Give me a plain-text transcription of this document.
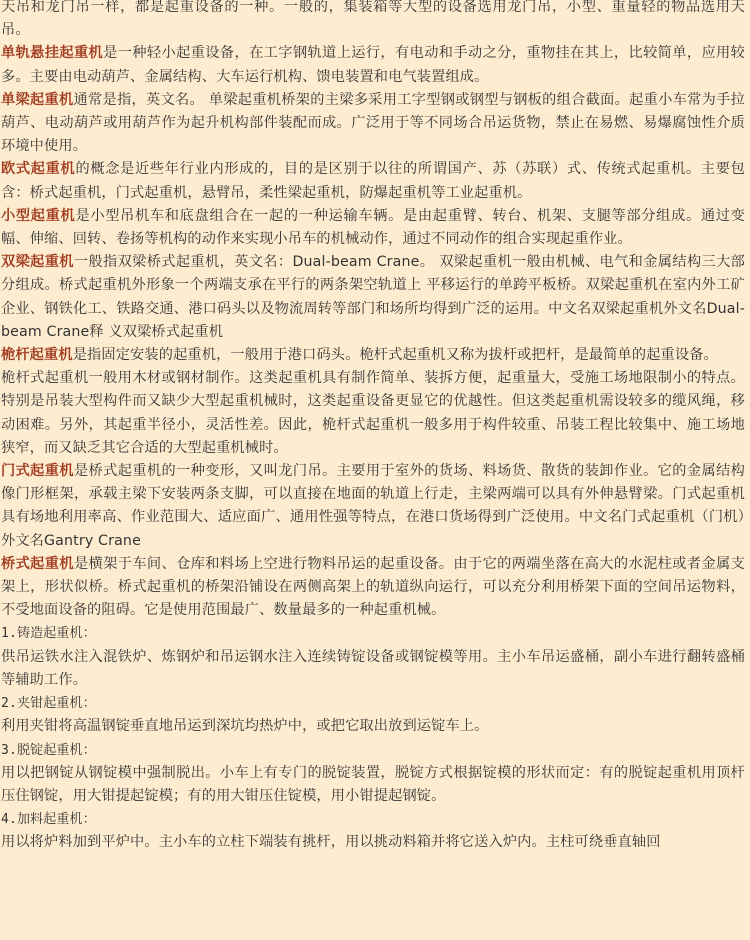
天吊和龙门吊一样，都是起重设备的一种。一般的，集装箱等大型的设备选用龙门吊，小型、重量轻的物品选用天吊。

单轨悬挂起重机是一种轻小起重设备，在工字钢轨道上运行，有电动和手动之分，重物挂在其上，比较简单，应用较多。主要由电动葫芦、金属结构、大车运行机构、馈电装置和电气装置组成。

单梁起重机通常是指，英文名。 单梁起重机桥架的主梁多采用工字型钢或钢型与钢板的组合截面。起重小车常为手拉葫芦、电动葫芦或用葫芦作为起升机构部件装配而成。广泛用于等不同场合吊运货物，禁止在易燃、易爆腐蚀性介质环境中使用。

欧式起重机的概念是近些年行业内形成的，目的是区别于以往的所谓国产、苏（苏联）式、传统式起重机。主要包含：桥式起重机，门式起重机，悬臂吊，柔性梁起重机，防爆起重机等工业起重机。

小型起重机是小型吊机车和底盘组合在一起的一种运输车辆。是由起重臂、转台、机架、支腿等部分组成。通过变幅、伸缩、回转、卷扬等机构的动作来实现小吊车的机械动作，通过不同动作的组合实现起重作业。

双梁起重机一般指双梁桥式起重机，英文名：Dual-beam Crane。 双梁起重机一般由机械、电气和金属结构三大部分组成。桥式起重机外形象一个两端支承在平行的两条架空轨道上 平移运行的单跨平板桥。双梁起重机在室内外工矿企业、钢铁化工、铁路交通、港口码头以及物流周转等部门和场所均得到广泛的运用。中文名双梁起重机外文名Dual-beam Crane释 义双梁桥式起重机

桅杆起重机是指固定安装的起重机，一般用于港口码头。桅杆式起重机又称为拔杆或把杆，是最简单的起重设备。

桅杆式起重机一般用木材或钢材制作。这类起重机具有制作简单、装拆方便，起重量大，受施工场地限制小的特点。特别是吊装大型构件而又缺少大型起重机械时，这类起重设备更显它的优越性。但这类起重机需设较多的缆风绳，移动困难。另外，其起重半径小，灵活性差。因此，桅杆式起重机一般多用于构件较重、吊装工程比较集中、施工场地狭窄，而又缺乏其它合适的大型起重机械时。

门式起重机是桥式起重机的一种变形，又叫龙门吊。主要用于室外的货场、料场货、散货的装卸作业。它的金属结构像门形框架，承载主梁下安装两条支脚，可以直接在地面的轨道上行走，主梁两端可以具有外伸悬臂梁。门式起重机具有场地利用率高、作业范围大、适应面广、通用性强等特点，在港口货场得到广泛使用。中文名门式起重机（门机）外文名Gantry Crane

桥式起重机是横架于车间、仓库和料场上空进行物料吊运的起重设备。由于它的两端坐落在高大的水泥柱或者金属支架上，形状似桥。桥式起重机的桥架沿铺设在两侧高架上的轨道纵向运行，可以充分利用桥架下面的空间吊运物料，不受地面设备的阻碍。它是使用范围最广、数量最多的一种起重机械。

1.铸造起重机：

供吊运铁水注入混铁炉、炼钢炉和吊运钢水注入连续铸锭设备或钢锭模等用。主小车吊运盛桶，副小车进行翻转盛桶等辅助工作。

2.夹钳起重机：

利用夹钳将高温钢锭垂直地吊运到深坑均热炉中，或把它取出放到运锭车上。

3.脱锭起重机：

用以把钢锭从钢锭模中强制脱出。小车上有专门的脱锭装置，脱锭方式根据锭模的形状而定：有的脱锭起重机用顶杆压住钢锭，用大钳提起锭模；有的用大钳压住锭模，用小钳提起钢锭。

4.加料起重机：

用以将炉料加到平炉中。主小车的立柱下端装有挑杆，用以挑动料箱并将它送入炉内。主柱可绕垂直轴回
